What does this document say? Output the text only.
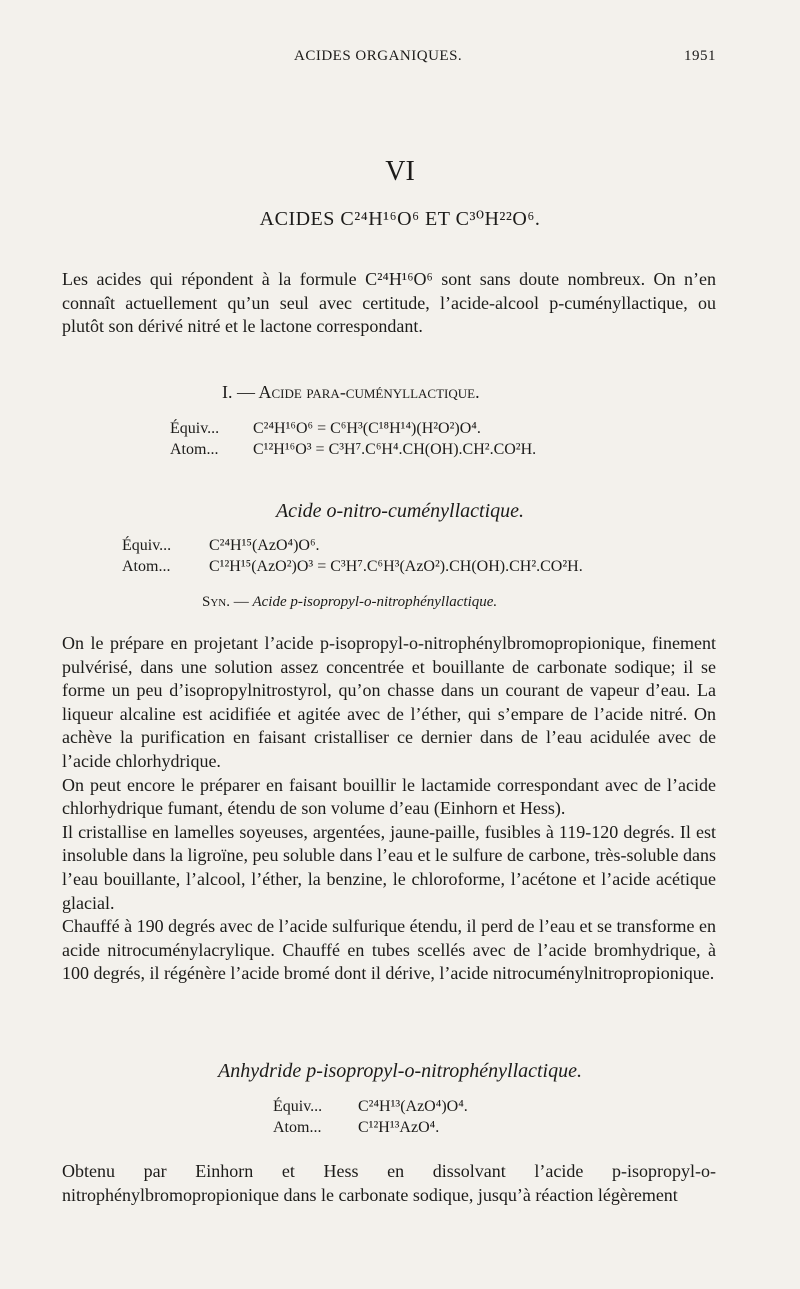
ACIDES ORGANIQUES.	1951
VI
ACIDES C²⁴H¹⁶O⁶ ET C³⁰H²²O⁶.
Les acides qui répondent à la formule C²⁴H¹⁶O⁶ sont sans doute nombreux. On n’en connaît actuellement qu’un seul avec certitude, l’acide-alcool p-cuményllactique, ou plutôt son dérivé nitré et le lactone correspondant.
I. — Acide para-cuményllactique.
Équiv... C²⁴H¹⁶O⁶ = C⁶H³(C¹⁸H¹⁴)(H²O²)O⁴.
Atom... C¹²H¹⁶O³ = C³H⁷.C⁶H⁴.CH(OH).CH².CO²H.
Acide o-nitro-cuményllactique.
Équiv... C²⁴H¹⁵(AzO⁴)O⁶.
Atom... C¹²H¹⁵(AzO²)O³ = C³H⁷.C⁶H³(AzO²).CH(OH).CH².CO²H.
Syn. — Acide p-isopropyl-o-nitrophényllactique.

On le prépare en projetant l’acide p-isopropyl-o-nitrophénylbromopropionique, finement pulvérisé, dans une solution assez concentrée et bouillante de carbonate sodique; il se forme un peu d’isopropylnitrostyrol, qu’on chasse dans un courant de vapeur d’eau. La liqueur alcaline est acidifiée et agitée avec de l’éther, qui s’empare de l’acide nitré. On achève la purification en faisant cristalliser ce dernier dans de l’eau acidulée avec de l’acide chlorhydrique.

On peut encore le préparer en faisant bouillir le lactamide correspondant avec de l’acide chlorhydrique fumant, étendu de son volume d’eau (Einhorn et Hess).

Il cristallise en lamelles soyeuses, argentées, jaune-paille, fusibles à 119-120 degrés. Il est insoluble dans la ligroïne, peu soluble dans l’eau et le sulfure de carbone, très-soluble dans l’eau bouillante, l’alcool, l’éther, la benzine, le chloroforme, l’acétone et l’acide acétique glacial.

Chauffé à 190 degrés avec de l’acide sulfurique étendu, il perd de l’eau et se transforme en acide nitrocuménylacrylique. Chauffé en tubes scellés avec de l’acide bromhydrique, à 100 degrés, il régénère l’acide bromé dont il dérive, l’acide nitrocuménylnitropropionique.

Anhydride p-isopropyl-o-nitrophényllactique.
Équiv... C²⁴H¹³(AzO⁴)O⁴.
Atom... C¹²H¹³AzO⁴.
Obtenu par Einhorn et Hess en dissolvant l’acide p-isopropyl-o-nitrophénylbromopropionique dans le carbonate sodique, jusqu’à réaction légèrement
